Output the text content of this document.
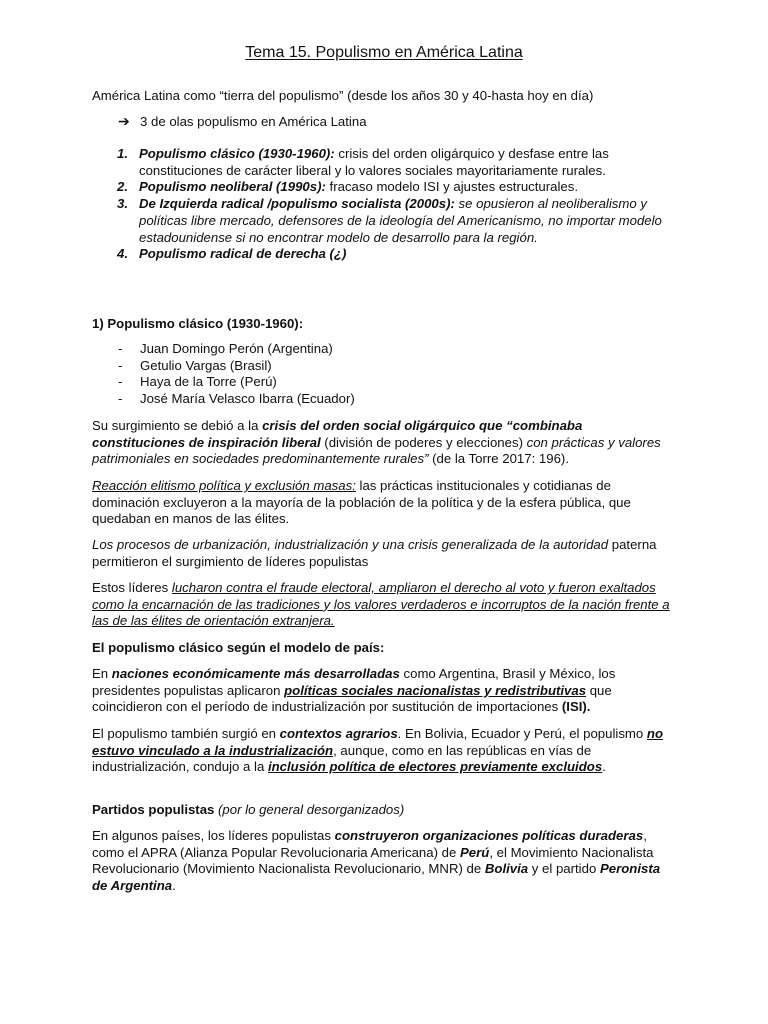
Tema 15. Populismo en América Latina

América Latina como “tierra del populismo” (desde los años 30 y 40-hasta hoy en día)

➔ 3 de olas populismo en América Latina
1. Populismo clásico (1930-1960): crisis del orden oligárquico y desfase entre las constituciones de carácter liberal y lo valores sociales mayoritariamente rurales.
2. Populismo neoliberal (1990s): fracaso modelo ISI y ajustes estructurales.
3. De Izquierda radical /populismo socialista (2000s): se opusieron al neoliberalismo y políticas libre mercado, defensores de la ideología del Americanismo, no importar modelo estadounidense si no encontrar modelo de desarrollo para la región.
4. Populismo radical de derecha (¿)

1) Populismo clásico (1930-1960):

- Juan Domingo Perón (Argentina)
- Getulio Vargas (Brasil)
- Haya de la Torre (Perú)
- José María Velasco Ibarra (Ecuador)

Su surgimiento se debió a la crisis del orden social oligárquico que “combinaba constituciones de inspiración liberal (división de poderes y elecciones) con prácticas y valores patrimoniales en sociedades predominantemente rurales” (de la Torre 2017: 196).

Reacción elitismo política y exclusión masas: las prácticas institucionales y cotidianas de dominación excluyeron a la mayoría de la población de la política y de la esfera pública, que quedaban en manos de las élites.

Los procesos de urbanización, industrialización y una crisis generalizada de la autoridad paterna permitieron el surgimiento de líderes populistas

Estos líderes lucharon contra el fraude electoral, ampliaron el derecho al voto y fueron exaltados como la encarnación de las tradiciones y los valores verdaderos e incorruptos de la nación frente a las de las élites de orientación extranjera.

El populismo clásico según el modelo de país:

En naciones económicamente más desarrolladas como Argentina, Brasil y México, los presidentes populistas aplicaron políticas sociales nacionalistas y redistributivas que coincidieron con el período de industrialización por sustitución de importaciones (ISI).

El populismo también surgió en contextos agrarios. En Bolivia, Ecuador y Perú, el populismo no estuvo vinculado a la industrialización, aunque, como en las repúblicas en vías de industrialización, condujo a la inclusión política de electores previamente excluidos.

Partidos populistas (por lo general desorganizados)

En algunos países, los líderes populistas construyeron organizaciones políticas duraderas, como el APRA (Alianza Popular Revolucionaria Americana) de Perú, el Movimiento Nacionalista Revolucionario (Movimiento Nacionalista Revolucionario, MNR) de Bolivia y el partido Peronista de Argentina.
